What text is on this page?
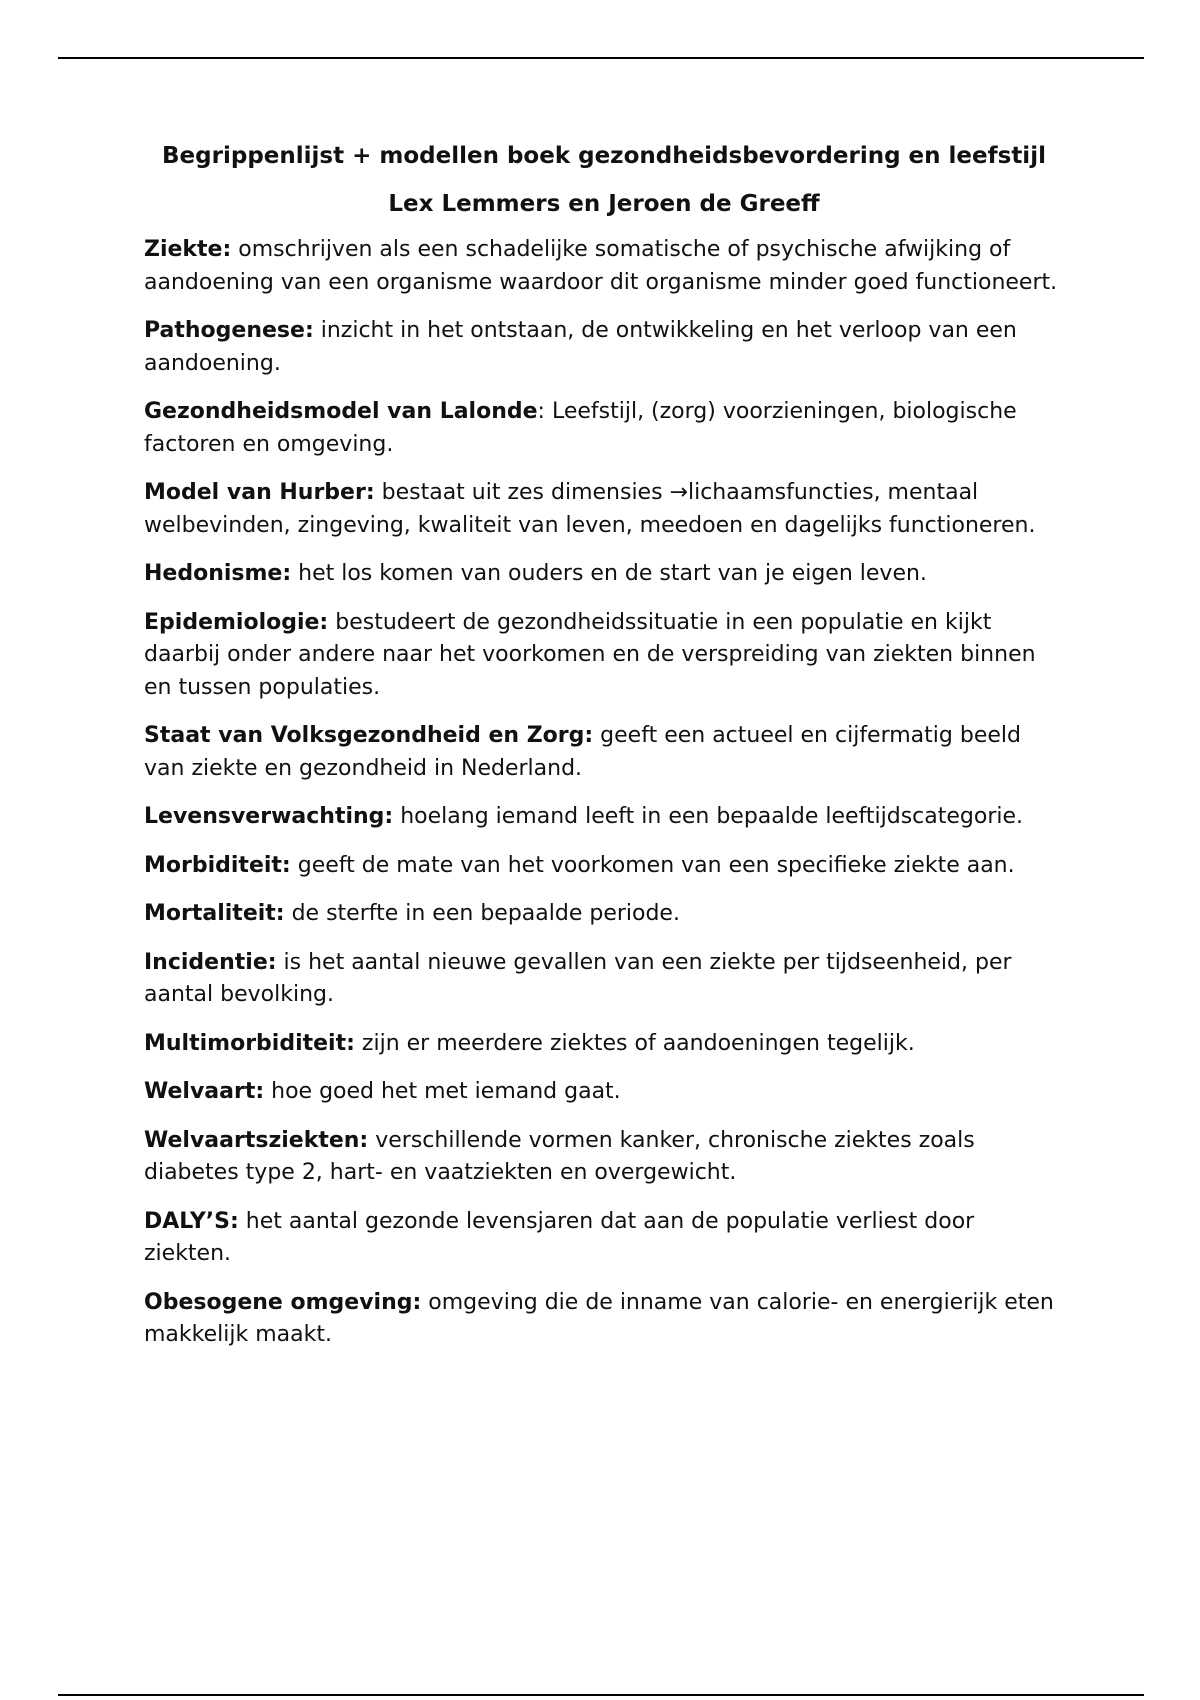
Begrippenlijst + modellen boek gezondheidsbevordering en leefstijl
Lex Lemmers en Jeroen de Greeff

Ziekte: omschrijven als een schadelijke somatische of psychische afwijking of aandoening van een organisme waardoor dit organisme minder goed functioneert.

Pathogenese: inzicht in het ontstaan, de ontwikkeling en het verloop van een aandoening.

Gezondheidsmodel van Lalonde: Leefstijl, (zorg) voorzieningen, biologische factoren en omgeving.

Model van Hurber: bestaat uit zes dimensies →lichaamsfuncties, mentaal welbevinden, zingeving, kwaliteit van leven, meedoen en dagelijks functioneren.

Hedonisme: het los komen van ouders en de start van je eigen leven.

Epidemiologie: bestudeert de gezondheidssituatie in een populatie en kijkt daarbij onder andere naar het voorkomen en de verspreiding van ziekten binnen en tussen populaties.

Staat van Volksgezondheid en Zorg: geeft een actueel en cijfermatig beeld van ziekte en gezondheid in Nederland.

Levensverwachting: hoelang iemand leeft in een bepaalde leeftijdscategorie.

Morbiditeit: geeft de mate van het voorkomen van een specifieke ziekte aan.

Mortaliteit: de sterfte in een bepaalde periode.

Incidentie: is het aantal nieuwe gevallen van een ziekte per tijdseenheid, per aantal bevolking.

Multimorbiditeit: zijn er meerdere ziektes of aandoeningen tegelijk.

Welvaart: hoe goed het met iemand gaat.

Welvaartsziekten: verschillende vormen kanker, chronische ziektes zoals diabetes type 2, hart- en vaatziekten en overgewicht.

DALY’S: het aantal gezonde levensjaren dat aan de populatie verliest door ziekten.

Obesogene omgeving: omgeving die de inname van calorie- en energierijk eten makkelijk maakt.
